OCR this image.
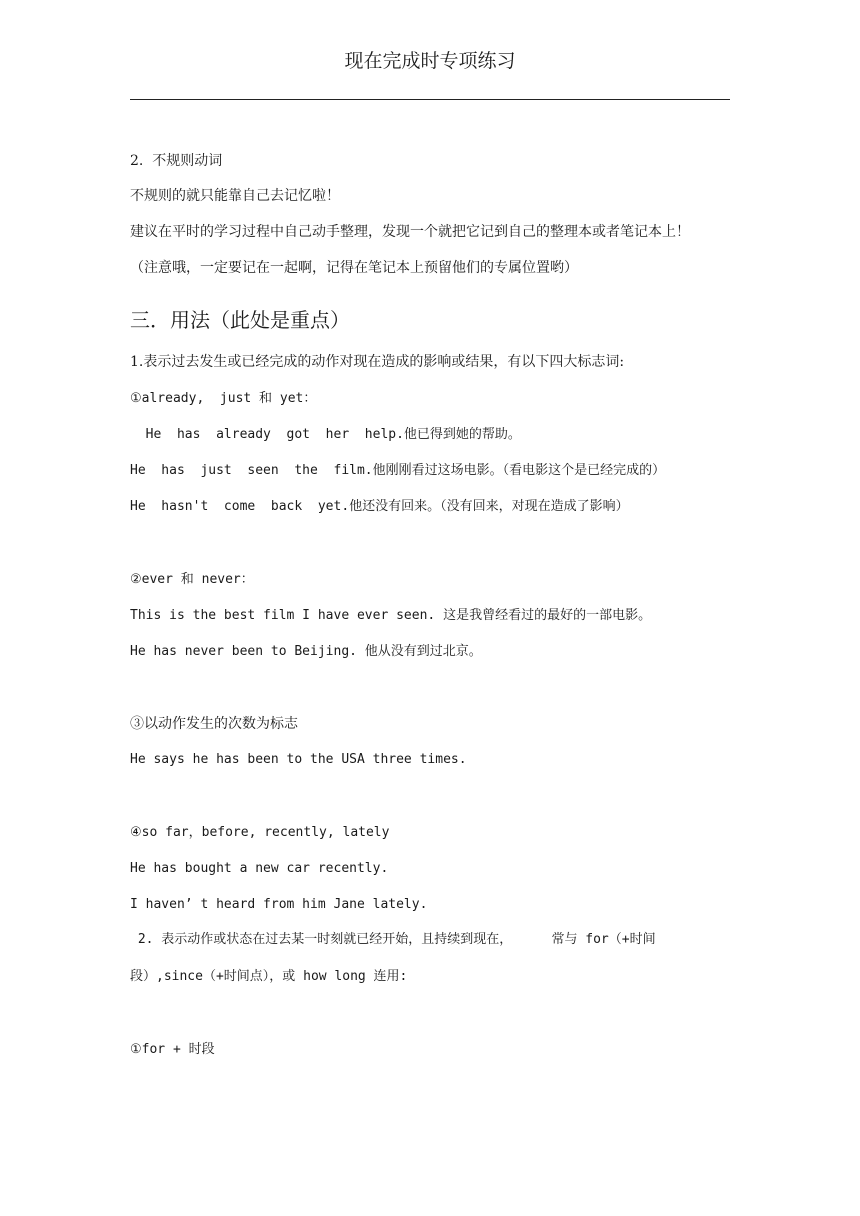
现在完成时专项练习
2.  不规则动词
不规则的就只能靠自己去记忆啦！
建议在平时的学习过程中自己动手整理，发现一个就把它记到自己的整理本或者笔记本上！
（注意哦，一定要记在一起啊，记得在笔记本上预留他们的专属位置哟）
三．用法（此处是重点）
1.表示过去发生或已经完成的动作对现在造成的影响或结果，有以下四大标志词:
①already,  just 和 yet：
He  has  already  got  her  help.他已得到她的帮助。
He  has  just  seen  the  film.他刚刚看过这场电影。（看电影这个是已经完成的）
He  hasn't  come  back  yet.他还没有回来。（没有回来，对现在造成了影响）
②ever 和 never：
This is the best film I have ever seen. 这是我曾经看过的最好的一部电影。
He has never been to Beijing. 他从没有到过北京。
③以动作发生的次数为标志
He says he has been to the USA three times.
④so far，before, recently, lately
He has bought a new car recently.
I haven’ t heard from him Jane lately.
2. 表示动作或状态在过去某一时刻就已经开始，且持续到现在，     常与 for（+时间
段）,since（+时间点），或 how long 连用:
①for + 时段
